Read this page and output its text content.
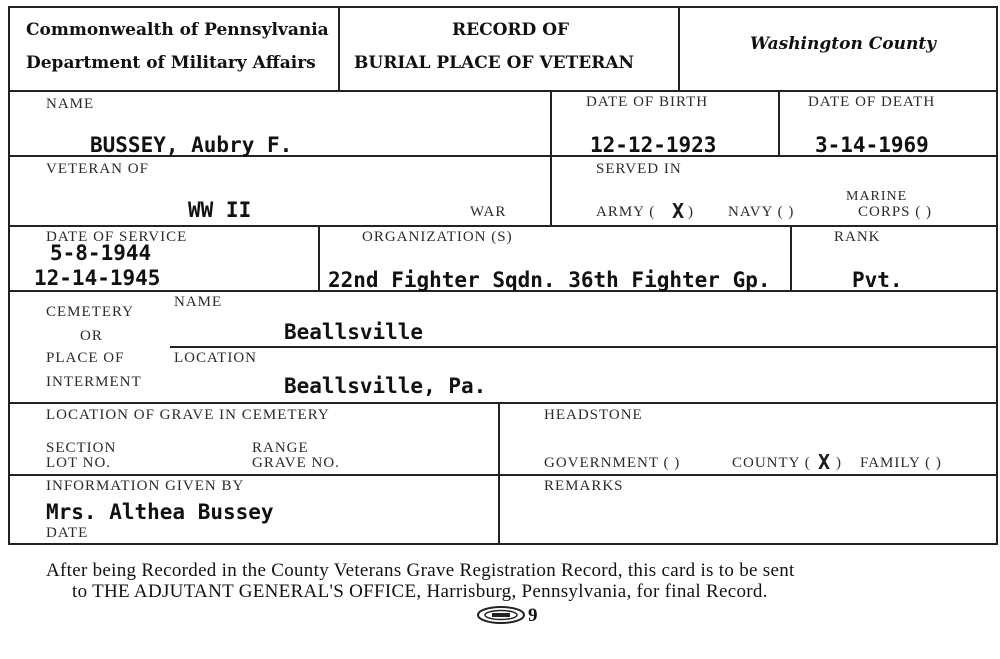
Commonwealth of Pennsylvania
Department of Military Affairs
RECORD OF
BURIAL PLACE OF VETERAN
Washington County
NAME	DATE OF BIRTH	DATE OF DEATH
BUSSEY, Aubry F.	12-12-1923	3-14-1969
VETERAN OF
WW II	WAR
SERVED IN
ARMY ( X ) NAVY ( )
MARINE
CORPS ( )
DATE OF SERVICE
5-8-1944
12-14-1945
ORGANIZATION (S)
22nd Fighter Sqdn. 36th Fighter Gp.
RANK
Pvt.
CEMETERY
OR
PLACE OF
INTERMENT
NAME
Beallsville
LOCATION
Beallsville, Pa.
LOCATION OF GRAVE IN CEMETERY
SECTION
LOT NO.
RANGE
GRAVE NO.
HEADSTONE
GOVERNMENT ( )	COUNTY ( X ) FAMILY ( )
INFORMATION GIVEN BY
Mrs. Althea Bussey
DATE
REMARKS
After being Recorded in the County Veterans Grave Registration Record, this card is to be sent
to THE ADJUTANT GENERAL'S OFFICE, Harrisburg, Pennsylvania, for final Record.
9
